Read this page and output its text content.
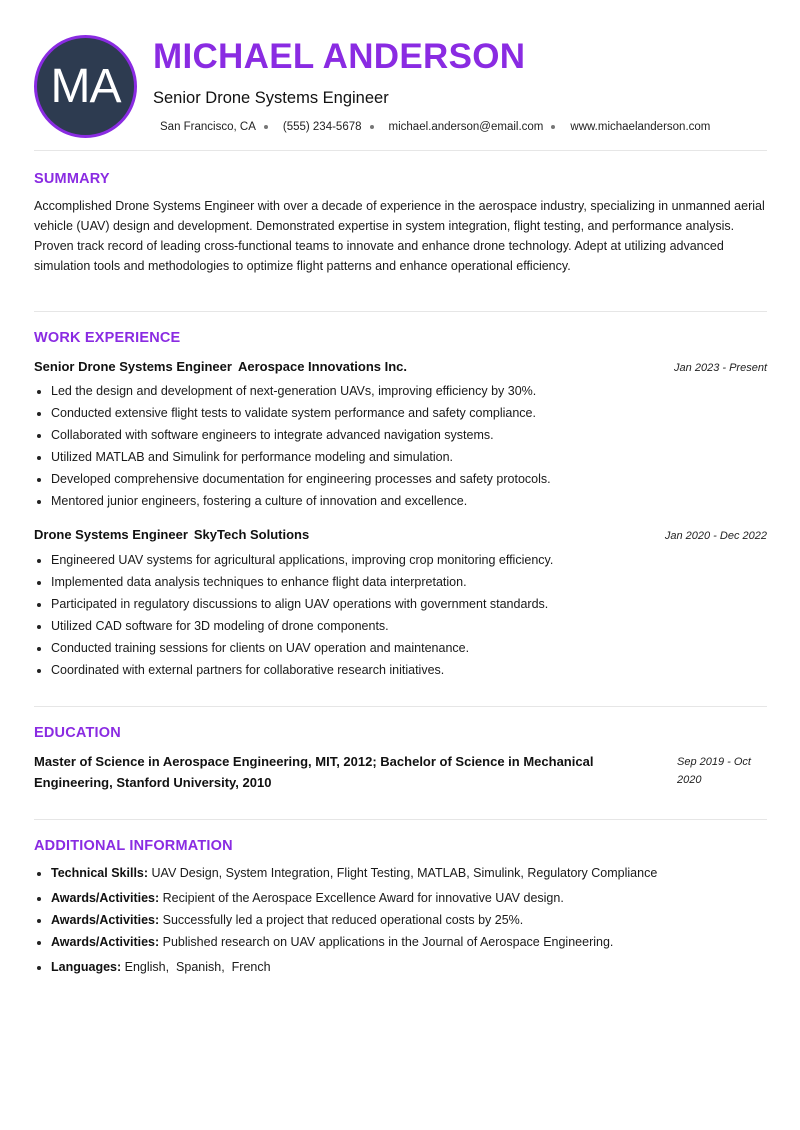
MA
MICHAEL ANDERSON
Senior Drone Systems Engineer
San Francisco, CA (555) 234-5678 michael.anderson@email.com www.michaelanderson.com
SUMMARY
Accomplished Drone Systems Engineer with over a decade of experience in the aerospace industry, specializing in unmanned aerial vehicle (UAV) design and development. Demonstrated expertise in system integration, flight testing, and performance analysis. Proven track record of leading cross-functional teams to innovate and enhance drone technology. Adept at utilizing advanced simulation tools and methodologies to optimize flight patterns and enhance operational efficiency.
WORK EXPERIENCE
Senior Drone Systems Engineer Aerospace Innovations Inc.	Jan 2023 - Present
Led the design and development of next-generation UAVs, improving efficiency by 30%.
Conducted extensive flight tests to validate system performance and safety compliance.
Collaborated with software engineers to integrate advanced navigation systems.
Utilized MATLAB and Simulink for performance modeling and simulation.
Developed comprehensive documentation for engineering processes and safety protocols.
Mentored junior engineers, fostering a culture of innovation and excellence.
Drone Systems Engineer SkyTech Solutions	Jan 2020 - Dec 2022
Engineered UAV systems for agricultural applications, improving crop monitoring efficiency.
Implemented data analysis techniques to enhance flight data interpretation.
Participated in regulatory discussions to align UAV operations with government standards.
Utilized CAD software for 3D modeling of drone components.
Conducted training sessions for clients on UAV operation and maintenance.
Coordinated with external partners for collaborative research initiatives.
EDUCATION
Master of Science in Aerospace Engineering, MIT, 2012; Bachelor of Science in Mechanical Engineering, Stanford University, 2010
Sep 2019 - Oct 2020
ADDITIONAL INFORMATION
Technical Skills: UAV Design, System Integration, Flight Testing, MATLAB, Simulink, Regulatory Compliance
Awards/Activities: Recipient of the Aerospace Excellence Award for innovative UAV design.
Awards/Activities: Successfully led a project that reduced operational costs by 25%.
Awards/Activities: Published research on UAV applications in the Journal of Aerospace Engineering.
Languages: English,  Spanish,  French
